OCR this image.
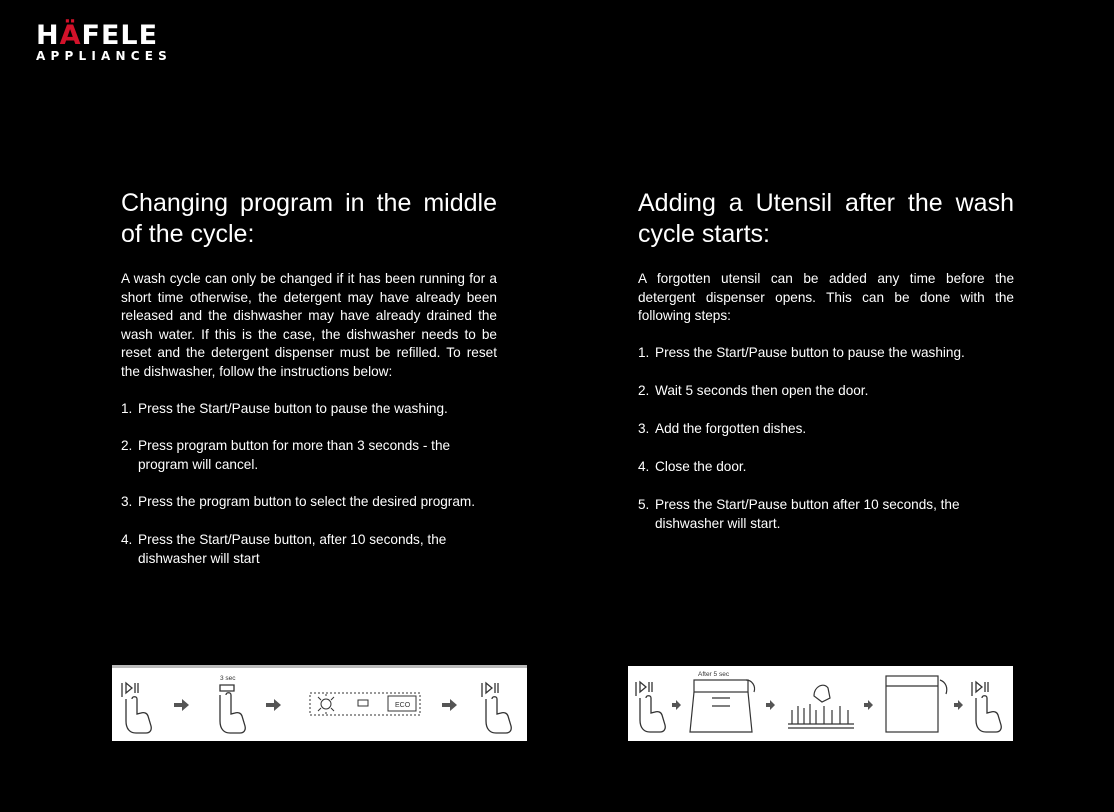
HÄFELE
APPLIANCES
Changing program in the middle of the cycle:

A wash cycle can only be changed if it has been running for a short time otherwise, the detergent may have already been released and the dishwasher may have already drained the wash water. If this is the case, the dishwasher needs to be reset and the detergent dispenser must be refilled. To reset the dishwasher, follow the instructions below:

1. Press the Start/Pause button to pause the washing.
2. Press program button for more than 3 seconds - the program will cancel.
3. Press the program button to select the desired program.
4. Press the Start/Pause button, after 10 seconds, the dishwasher will start
Adding a Utensil after the wash cycle starts:

A forgotten utensil can be added any time before the detergent dispenser opens. This can be done with the following steps:

1. Press the Start/Pause button to pause the washing.
2. Wait 5 seconds then open the door.
3. Add the forgotten dishes.
4. Close the door.
5. Press the Start/Pause button after 10 seconds, the dishwasher will start.
3 sec
ECO
After 5 sec
